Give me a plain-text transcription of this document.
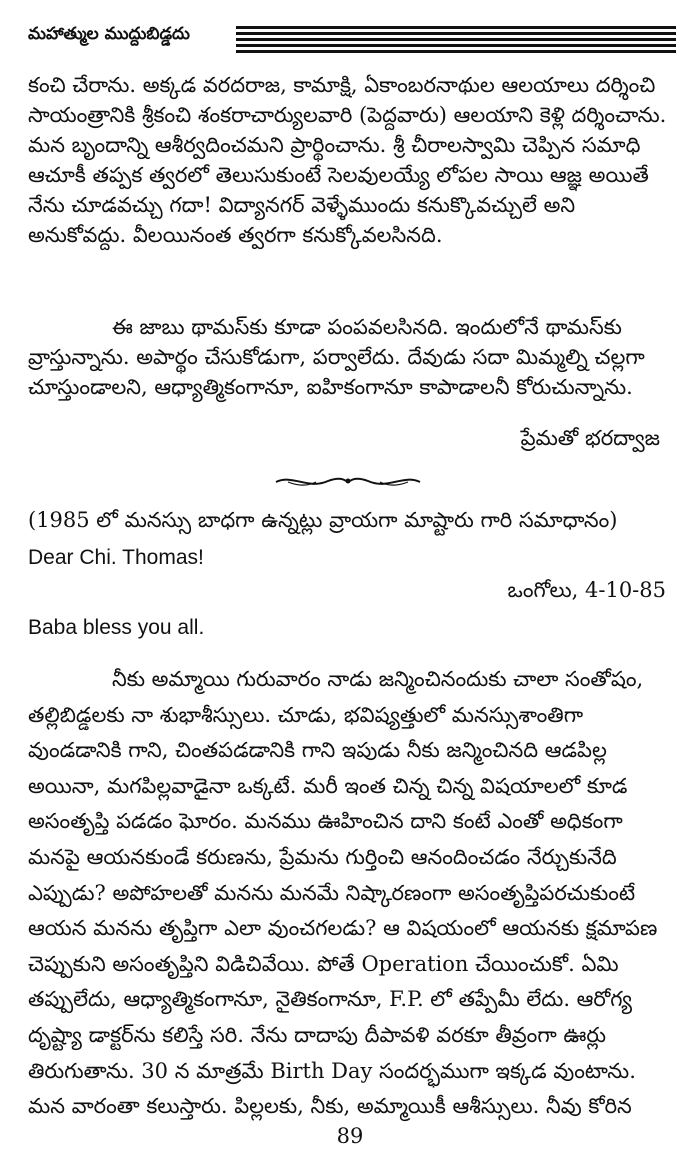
మహాత్ముల ముద్దుబిడ్డదు
కంచి చేరాను. అక్కడ వరదరాజ, కామాక్షి, ఏకాంబరనాథుల ఆలయాలు దర్శించి సాయంత్రానికి శ్రీకంచి శంకరాచార్యులవారి (పెద్దవారు) ఆలయాని కెళ్లి దర్శించాను. మన బృందాన్ని ఆశీర్వదించమని ప్రార్థించాను. శ్రీ చీరాలస్వామి చెప్పిన సమాధి ఆచూకీ తప్పక త్వరలో తెలుసుకుంటే సెలవులయ్యే లోపల సాయి ఆజ్ఞ అయితే నేను చూడవచ్చు గదా! విద్యానగర్ వెళ్ళేముందు కనుక్కొవచ్చులే అని అనుకోవద్దు. వీలయినంత త్వరగా కనుక్కోవలసినది.
ఈ జాబు థామస్‌కు కూడా పంపవలసినది. ఇందులోనే థామస్‌కు వ్రాస్తున్నాను. అపార్థం చేసుకోడుగా, పర్వాలేదు. దేవుడు సదా మిమ్మల్ని చల్లగా చూస్తుండాలని, ఆధ్యాత్మికంగానూ, ఐహికంగానూ కాపాడాలనీ కోరుచున్నాను.
ప్రేమతో భరద్వాజ
(1985 లో మనస్సు బాధగా ఉన్నట్లు వ్రాయగా మాష్టారు గారి సమాధానం)
Dear Chi. Thomas!
ఒంగోలు, 4-10-85
Baba bless you all.
నీకు అమ్మాయి గురువారం నాడు జన్మించినందుకు చాలా సంతోషం, తల్లిబిడ్డలకు నా శుభాశీస్సులు. చూడు, భవిష్యత్తులో మనస్సుశాంతిగా వుండడానికి గాని, చింతపడడానికి గాని ఇపుడు నీకు జన్మించినది ఆడపిల్ల అయినా, మగపిల్లవాడైనా ఒక్కటే. మరీ ఇంత చిన్న చిన్న విషయాలలో కూడ అసంతృప్తి పడడం ఘోరం. మనము ఊహించిన దాని కంటే ఎంతో అధికంగా మనపై ఆయనకుండే కరుణను, ప్రేమను గుర్తించి ఆనందించడం నేర్చుకునేది ఎప్పుడు? అపోహలతో మనను మనమే నిష్కారణంగా అసంతృప్తిపరచుకుంటే ఆయన మనను తృప్తిగా ఎలా వుంచగలడు? ఆ విషయంలో ఆయనకు క్షమాపణ చెప్పుకుని అసంతృప్తిని విడిచివేయి. పోతే Operation చేయించుకో. ఏమి తప్పులేదు, ఆధ్యాత్మికంగానూ, నైతికంగానూ, F.P. లో తప్పేమీ లేదు. ఆరోగ్య దృష్ట్యా డాక్టర్‌ను కలిస్తే సరి. నేను దాదాపు దీపావళి వరకూ తీవ్రంగా ఊర్లు తిరుగుతాను. 30 న మాత్రమే Birth Day సందర్భముగా ఇక్కడ వుంటాను. మన వారంతా కలుస్తారు. పిల్లలకు, నీకు, అమ్మాయికీ ఆశీస్సులు. నీవు కోరిన
89
